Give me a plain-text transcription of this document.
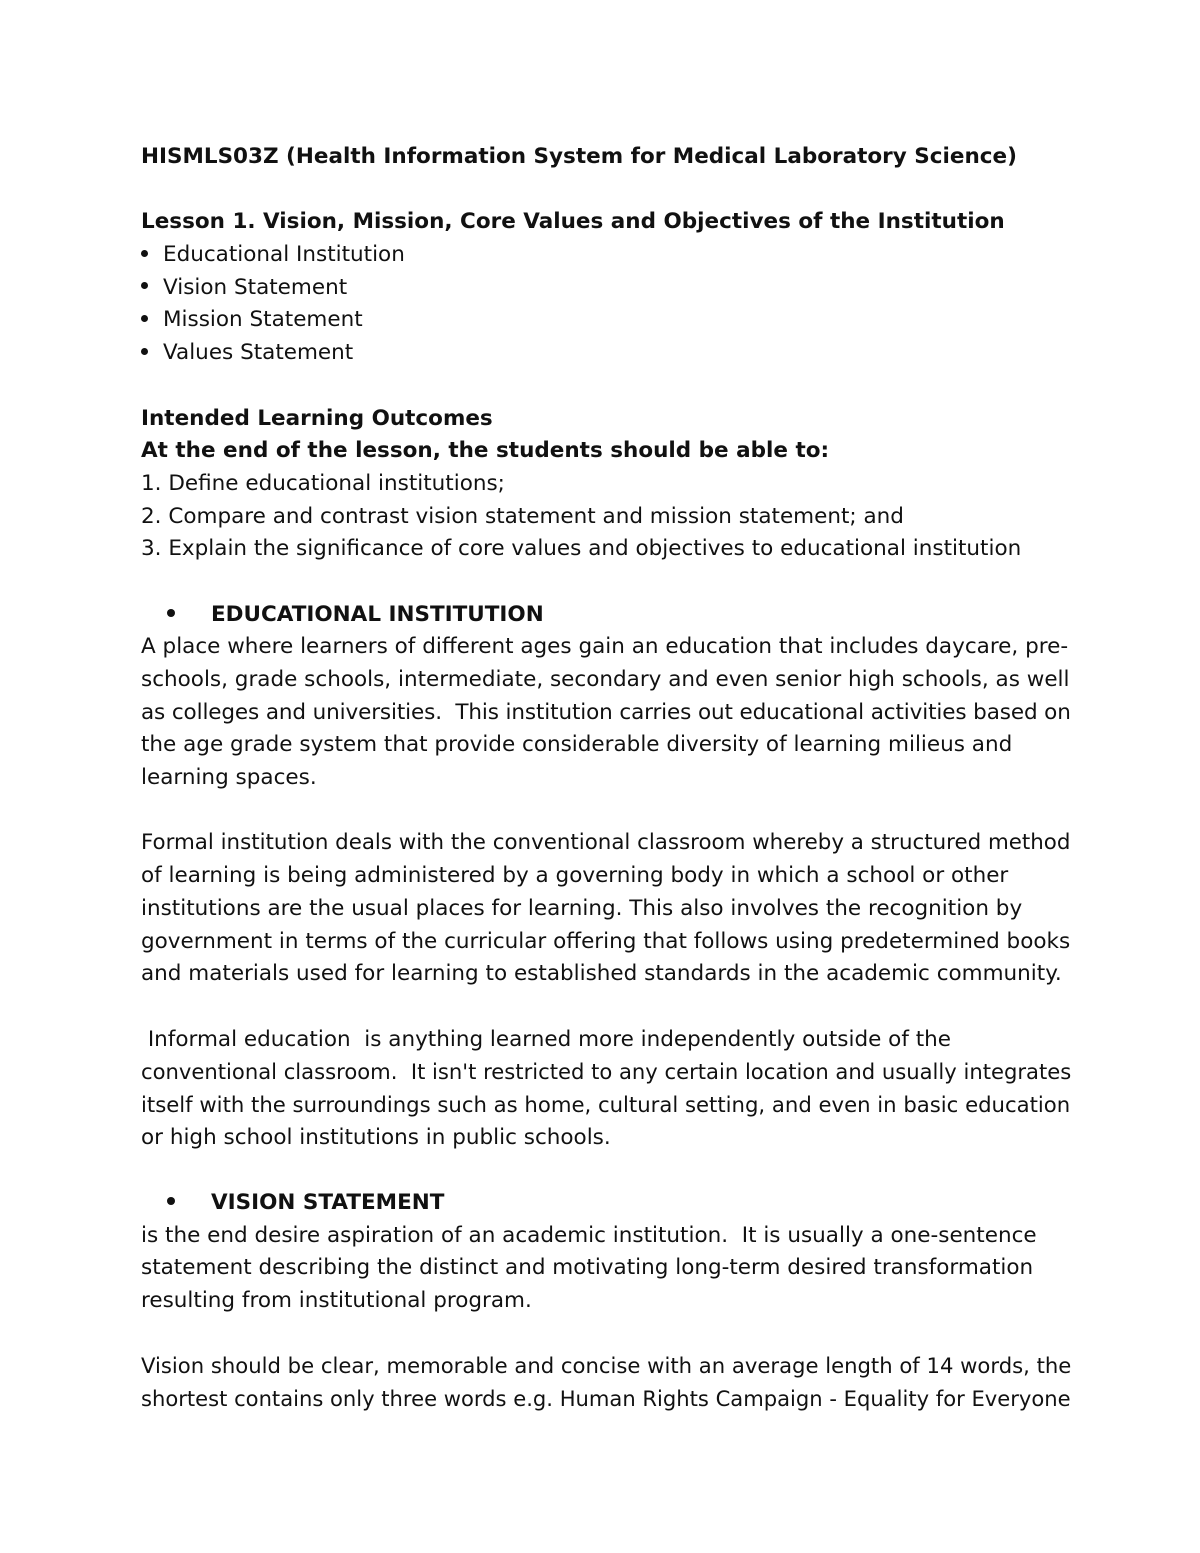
HISMLS03Z (Health Information System for Medical Laboratory Science)
Lesson 1. Vision, Mission, Core Values and Objectives of the Institution
Educational Institution
Vision Statement
Mission Statement
Values Statement
Intended Learning Outcomes
At the end of the lesson, the students should be able to:
1. Define educational institutions;
2. Compare and contrast vision statement and mission statement; and
3. Explain the significance of core values and objectives to educational institution
EDUCATIONAL INSTITUTION
A place where learners of different ages gain an education that includes daycare, pre-
schools, grade schools, intermediate, secondary and even senior high schools, as well
as colleges and universities.  This institution carries out educational activities based on
the age grade system that provide considerable diversity of learning milieus and
learning spaces.
Formal institution deals with the conventional classroom whereby a structured method
of learning is being administered by a governing body in which a school or other
institutions are the usual places for learning. This also involves the recognition by
government in terms of the curricular offering that follows using predetermined books
and materials used for learning to established standards in the academic community.
Informal education  is anything learned more independently outside of the
conventional classroom.  It isn't restricted to any certain location and usually integrates
itself with the surroundings such as home, cultural setting, and even in basic education
or high school institutions in public schools.
VISION STATEMENT
is the end desire aspiration of an academic institution.  It is usually a one-sentence
statement describing the distinct and motivating long-term desired transformation
resulting from institutional program.
Vision should be clear, memorable and concise with an average length of 14 words, the
shortest contains only three words e.g. Human Rights Campaign - Equality for Everyone
